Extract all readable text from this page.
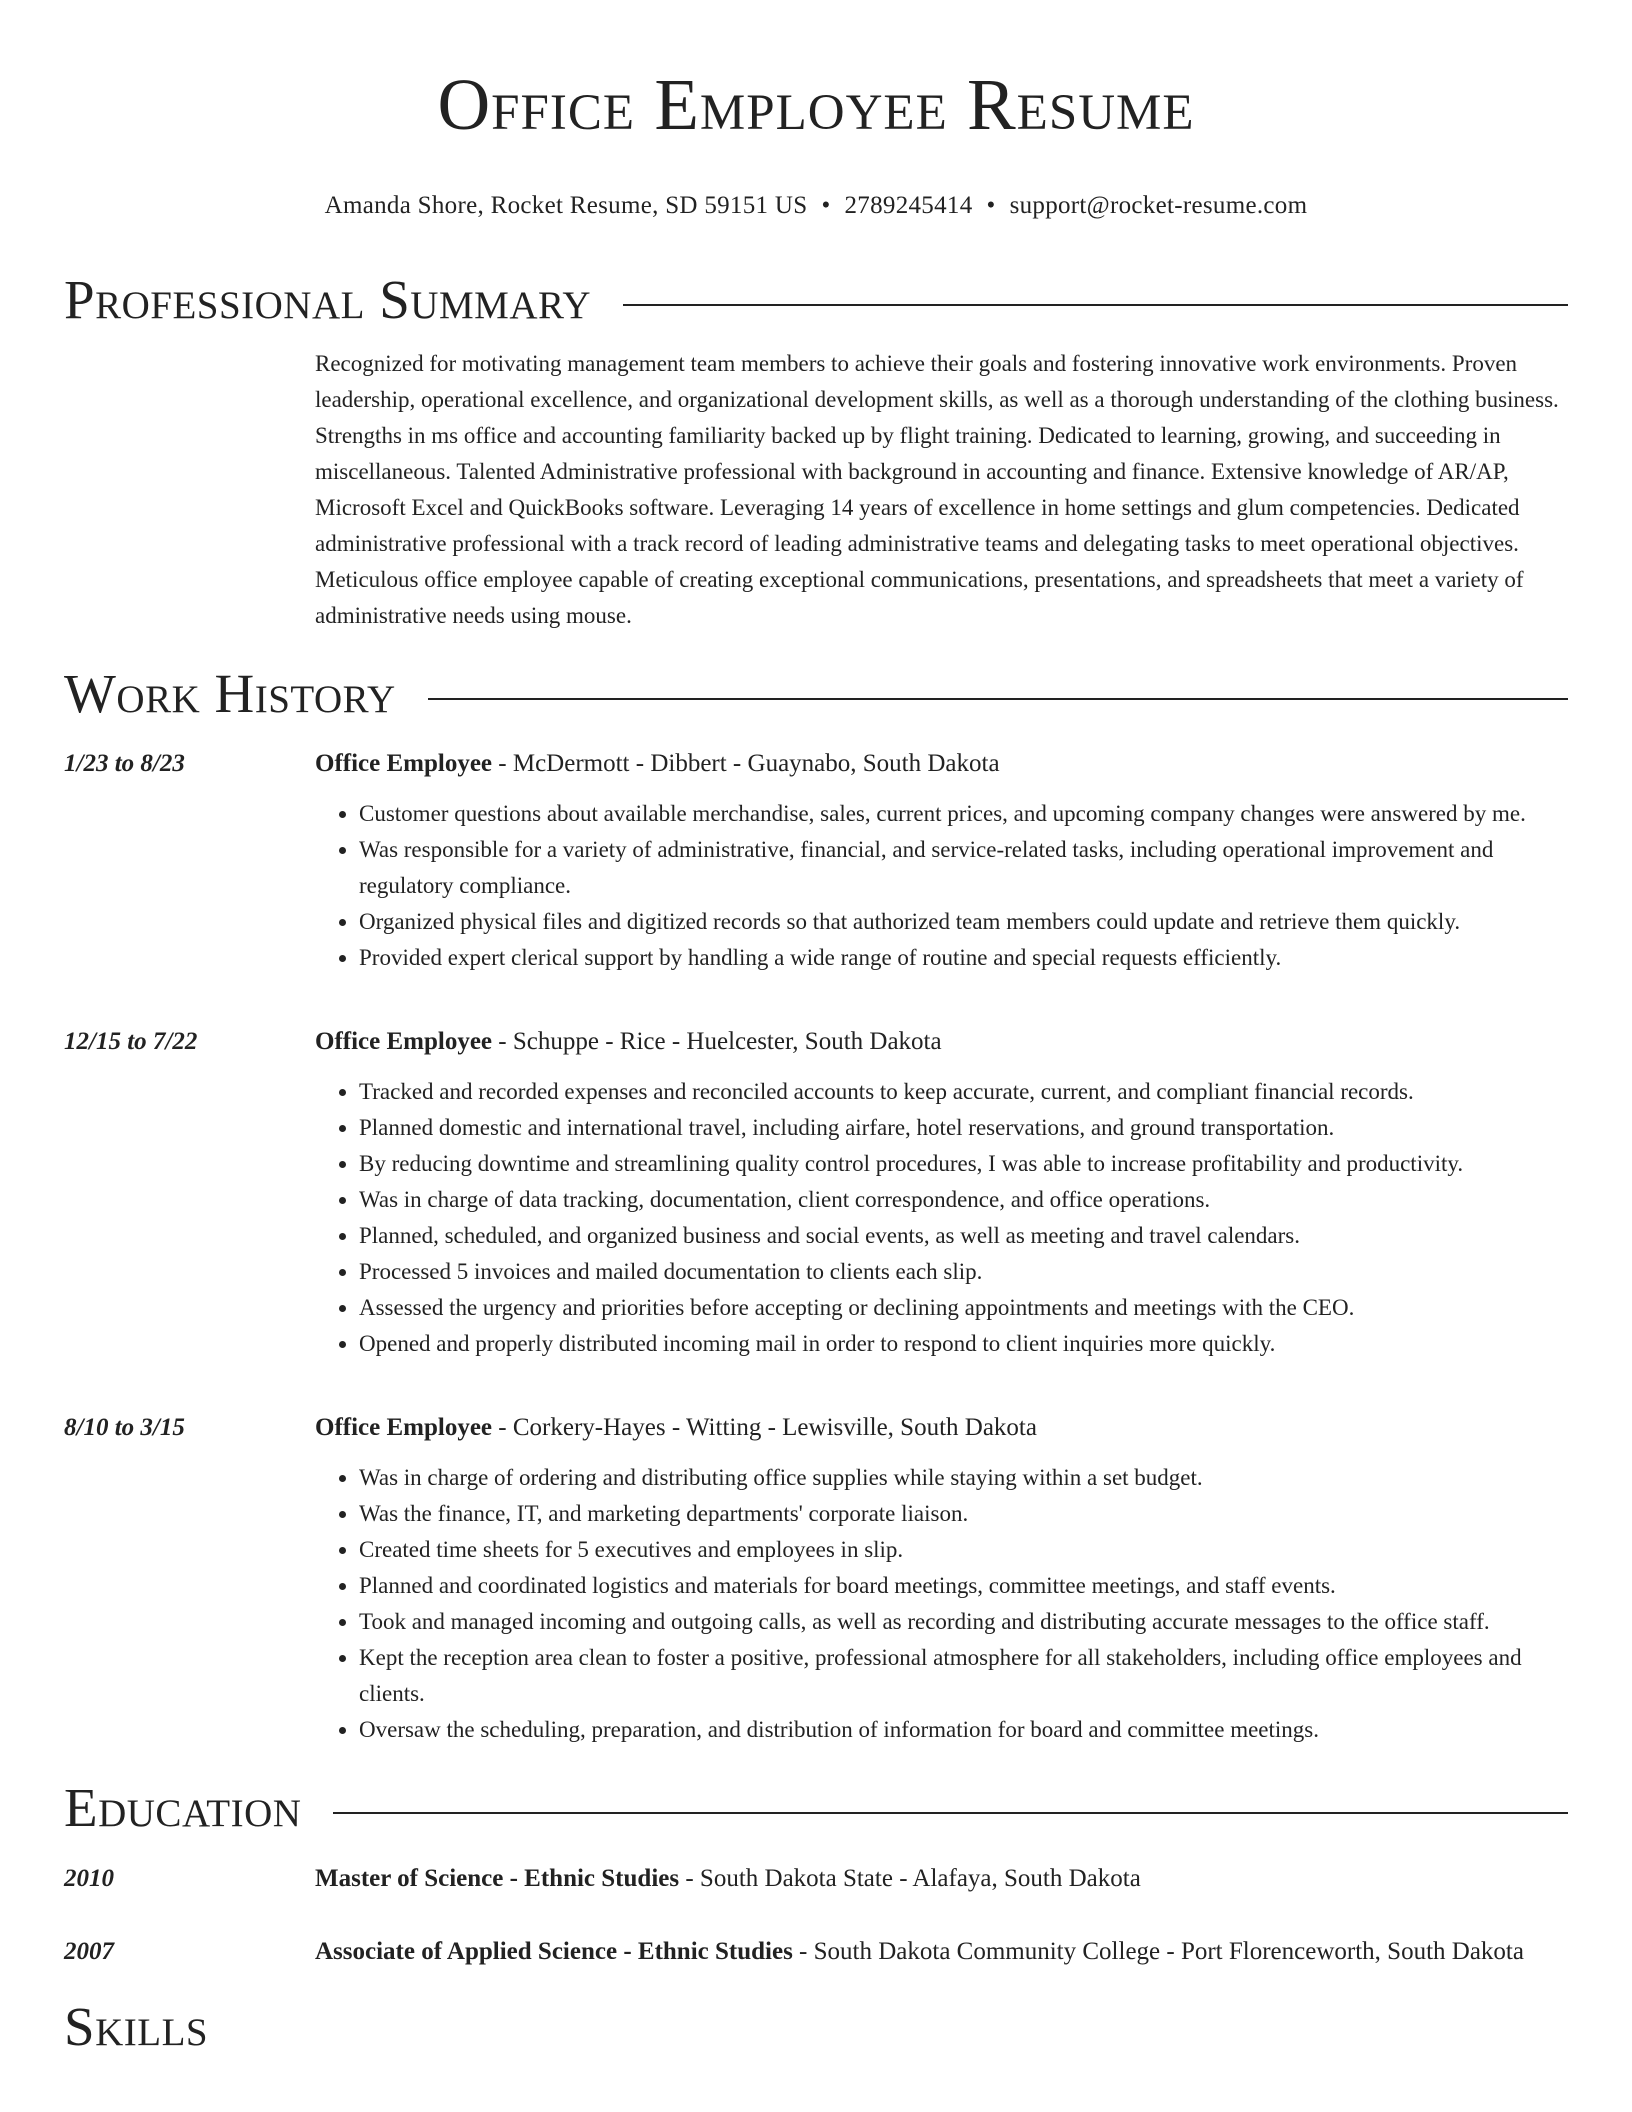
Office Employee Resume
Amanda Shore, Rocket Resume, SD 59151 US • 2789245414 • support@rocket-resume.com
Professional Summary
Recognized for motivating management team members to achieve their goals and fostering innovative work environments. Proven leadership, operational excellence, and organizational development skills, as well as a thorough understanding of the clothing business. Strengths in ms office and accounting familiarity backed up by flight training. Dedicated to learning, growing, and succeeding in miscellaneous. Talented Administrative professional with background in accounting and finance. Extensive knowledge of AR/AP, Microsoft Excel and QuickBooks software. Leveraging 14 years of excellence in home settings and glum competencies. Dedicated administrative professional with a track record of leading administrative teams and delegating tasks to meet operational objectives. Meticulous office employee capable of creating exceptional communications, presentations, and spreadsheets that meet a variety of administrative needs using mouse.
Work History
1/23 to 8/23	Office Employee - McDermott - Dibbert - Guaynabo, South Dakota
• Customer questions about available merchandise, sales, current prices, and upcoming company changes were answered by me.
• Was responsible for a variety of administrative, financial, and service-related tasks, including operational improvement and regulatory compliance.
• Organized physical files and digitized records so that authorized team members could update and retrieve them quickly.
• Provided expert clerical support by handling a wide range of routine and special requests efficiently.
12/15 to 7/22	Office Employee - Schuppe - Rice - Huelcester, South Dakota
• Tracked and recorded expenses and reconciled accounts to keep accurate, current, and compliant financial records.
• Planned domestic and international travel, including airfare, hotel reservations, and ground transportation.
• By reducing downtime and streamlining quality control procedures, I was able to increase profitability and productivity.
• Was in charge of data tracking, documentation, client correspondence, and office operations.
• Planned, scheduled, and organized business and social events, as well as meeting and travel calendars.
• Processed 5 invoices and mailed documentation to clients each slip.
• Assessed the urgency and priorities before accepting or declining appointments and meetings with the CEO.
• Opened and properly distributed incoming mail in order to respond to client inquiries more quickly.
8/10 to 3/15	Office Employee - Corkery-Hayes - Witting - Lewisville, South Dakota
• Was in charge of ordering and distributing office supplies while staying within a set budget.
• Was the finance, IT, and marketing departments' corporate liaison.
• Created time sheets for 5 executives and employees in slip.
• Planned and coordinated logistics and materials for board meetings, committee meetings, and staff events.
• Took and managed incoming and outgoing calls, as well as recording and distributing accurate messages to the office staff.
• Kept the reception area clean to foster a positive, professional atmosphere for all stakeholders, including office employees and clients.
• Oversaw the scheduling, preparation, and distribution of information for board and committee meetings.
Education
2010	Master of Science - Ethnic Studies - South Dakota State - Alafaya, South Dakota
2007	Associate of Applied Science - Ethnic Studies - South Dakota Community College - Port Florenceworth, South Dakota
Skills
